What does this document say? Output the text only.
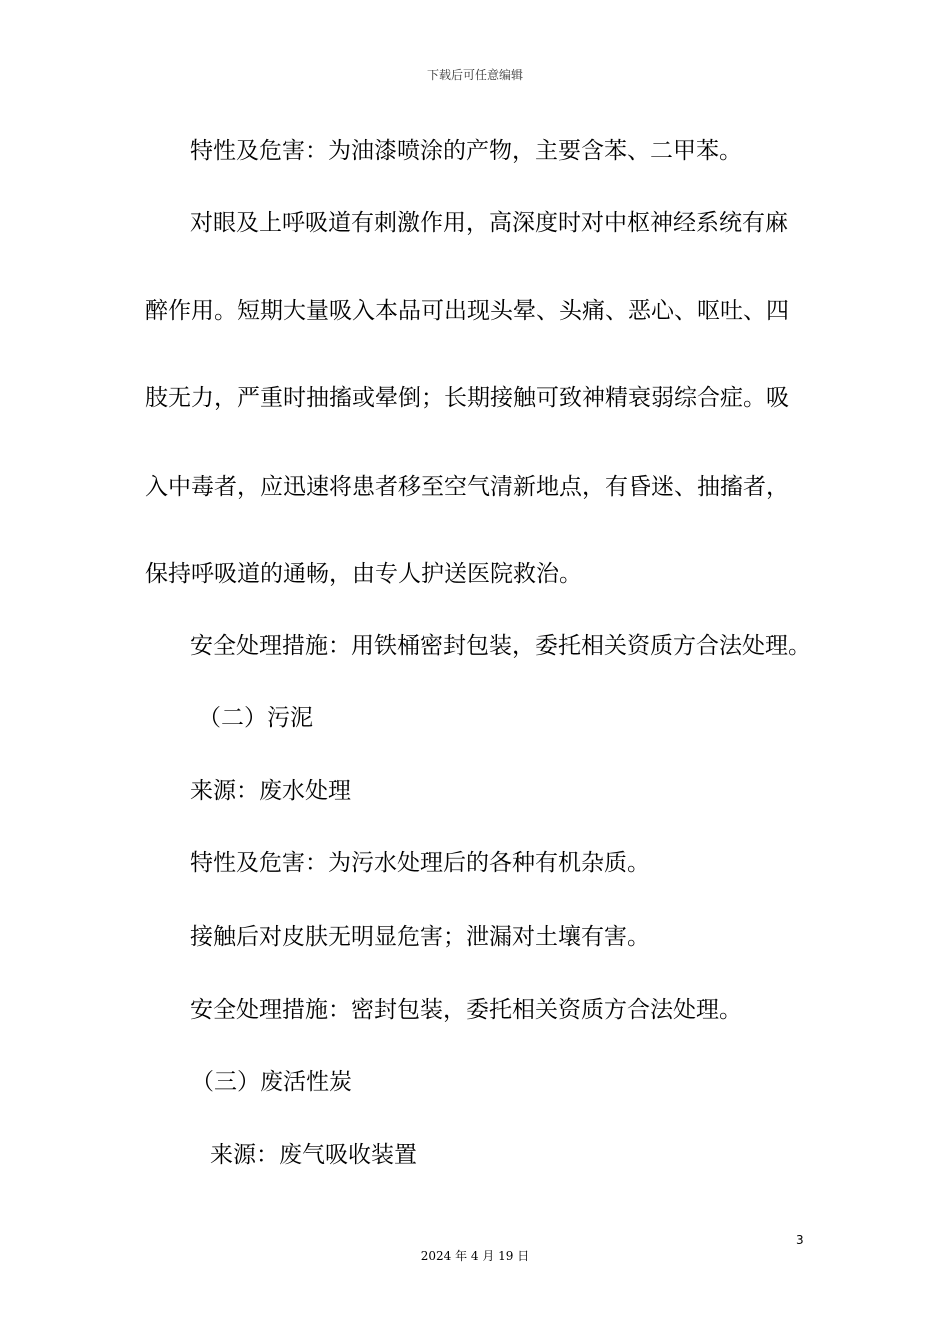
下载后可任意编辑
特性及危害：为油漆喷涂的产物，主要含苯、二甲苯。
对眼及上呼吸道有刺激作用，高深度时对中枢神经系统有麻
醉作用。短期大量吸入本品可出现头晕、头痛、恶心、呕吐、四
肢无力，严重时抽搐或晕倒；长期接触可致神精衰弱综合症。吸
入中毒者，应迅速将患者移至空气清新地点，有昏迷、抽搐者，
保持呼吸道的通畅，由专人护送医院救治。
安全处理措施：用铁桶密封包装，委托相关资质方合法处理。
（二）污泥
来源：废水处理
特性及危害：为污水处理后的各种有机杂质。
接触后对皮肤无明显危害；泄漏对土壤有害。
安全处理措施：密封包装，委托相关资质方合法处理。
（三）废活性炭
来源：废气吸收装置
3
2024 年 4 月 19 日
